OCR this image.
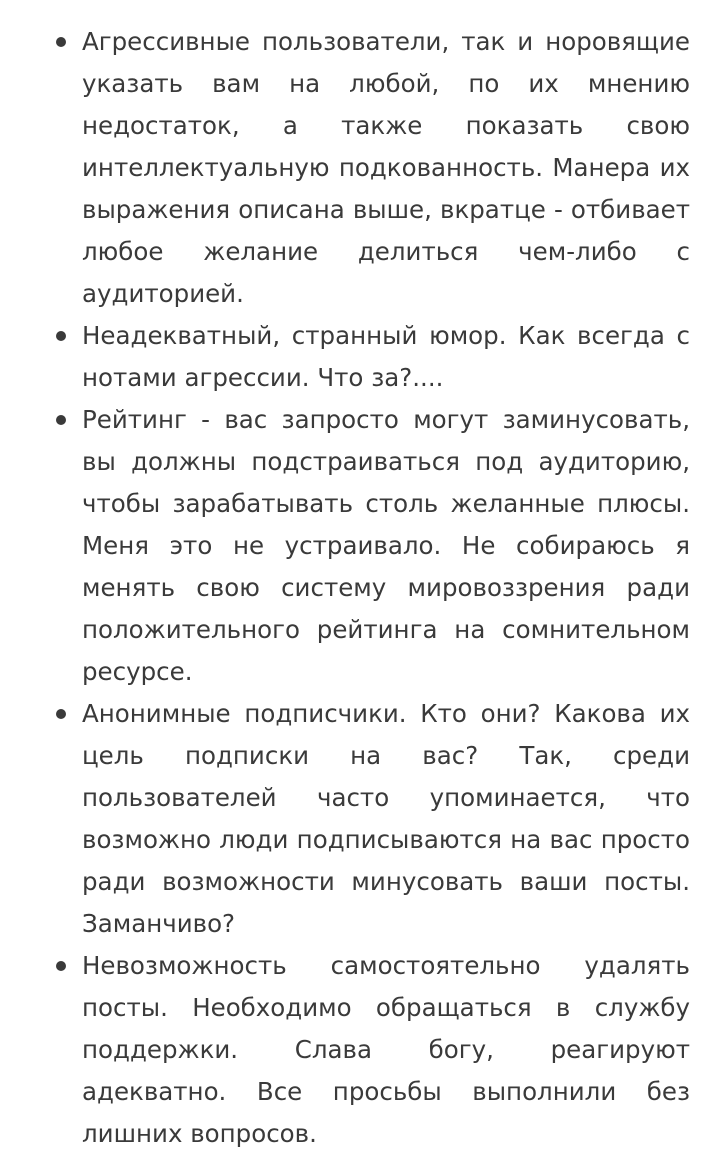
Агрессивные пользователи, так и норовящие указать вам на любой, по их мнению недостаток, а также показать свою интеллектуальную подкованность. Манера их выражения описана выше, вкратце - отбивает любое желание делиться чем-либо с аудиторией.
Неадекватный, странный юмор. Как всегда с нотами агрессии. Что за?....
Рейтинг - вас запросто могут заминусовать, вы должны подстраиваться под аудиторию, чтобы зарабатывать столь желанные плюсы. Меня это не устраивало. Не собираюсь я менять свою систему мировоззрения ради положительного рейтинга на сомнительном ресурсе.
Анонимные подписчики. Кто они? Какова их цель подписки на вас? Так, среди пользователей часто упоминается, что возможно люди подписываются на вас просто ради возможности минусовать ваши посты. Заманчиво?
Невозможность самостоятельно удалять посты. Необходимо обращаться в службу поддержки. Слава богу, реагируют адекватно. Все просьбы выполнили без лишних вопросов.
